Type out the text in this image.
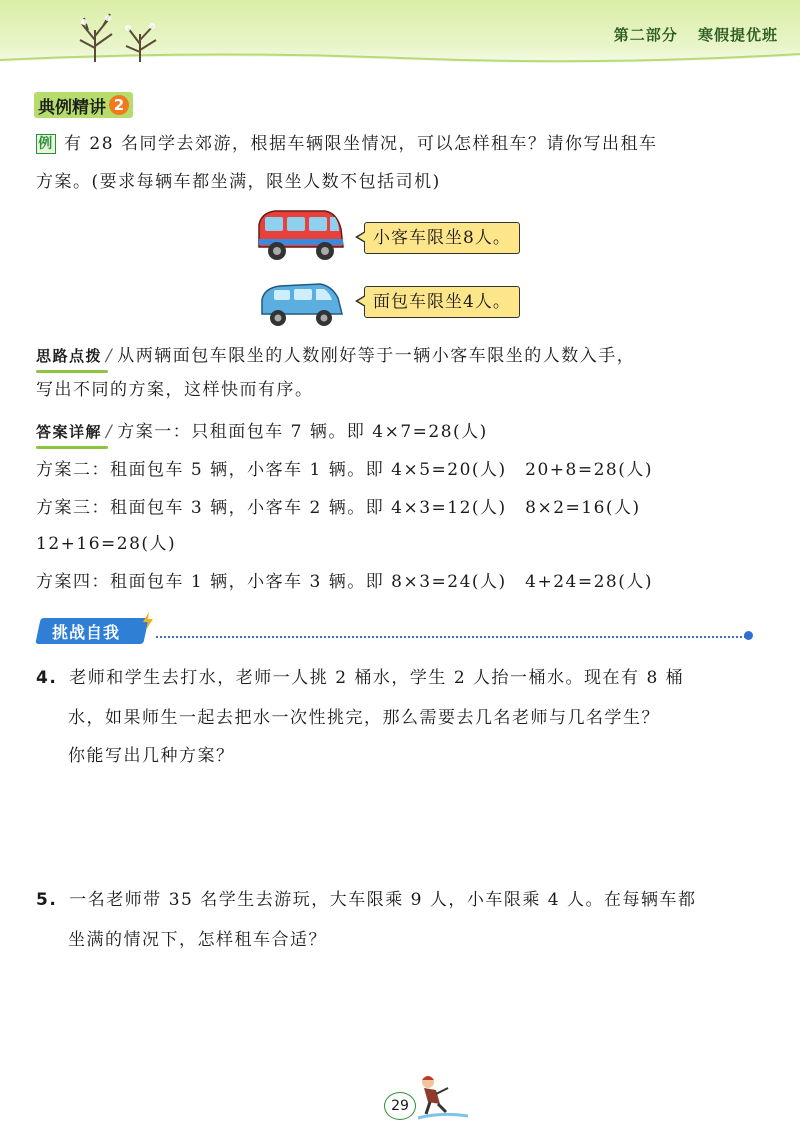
第二部分 寒假提优班
典例精讲 2
例 有 28 名同学去郊游，根据车辆限坐情况，可以怎样租车？请你写出租车
方案。(要求每辆车都坐满，限坐人数不包括司机)
小客车限坐8人。
面包车限坐4人。
思路点拨 / 从两辆面包车限坐的人数刚好等于一辆小客车限坐的人数入手，
写出不同的方案，这样快而有序。
答案详解 / 方案一：只租面包车 7 辆。即 4×7=28(人)
方案二：租面包车 5 辆，小客车 1 辆。即 4×5=20(人)　20+8=28(人)
方案三：租面包车 3 辆，小客车 2 辆。即 4×3=12(人)　8×2=16(人)
12+16=28(人)
方案四：租面包车 1 辆，小客车 3 辆。即 8×3=24(人)　4+24=28(人)
挑战自我
4. 老师和学生去打水，老师一人挑 2 桶水，学生 2 人抬一桶水。现在有 8 桶
水，如果师生一起去把水一次性挑完，那么需要去几名老师与几名学生？
你能写出几种方案？
5. 一名老师带 35 名学生去游玩，大车限乘 9 人，小车限乘 4 人。在每辆车都
坐满的情况下，怎样租车合适？
29
